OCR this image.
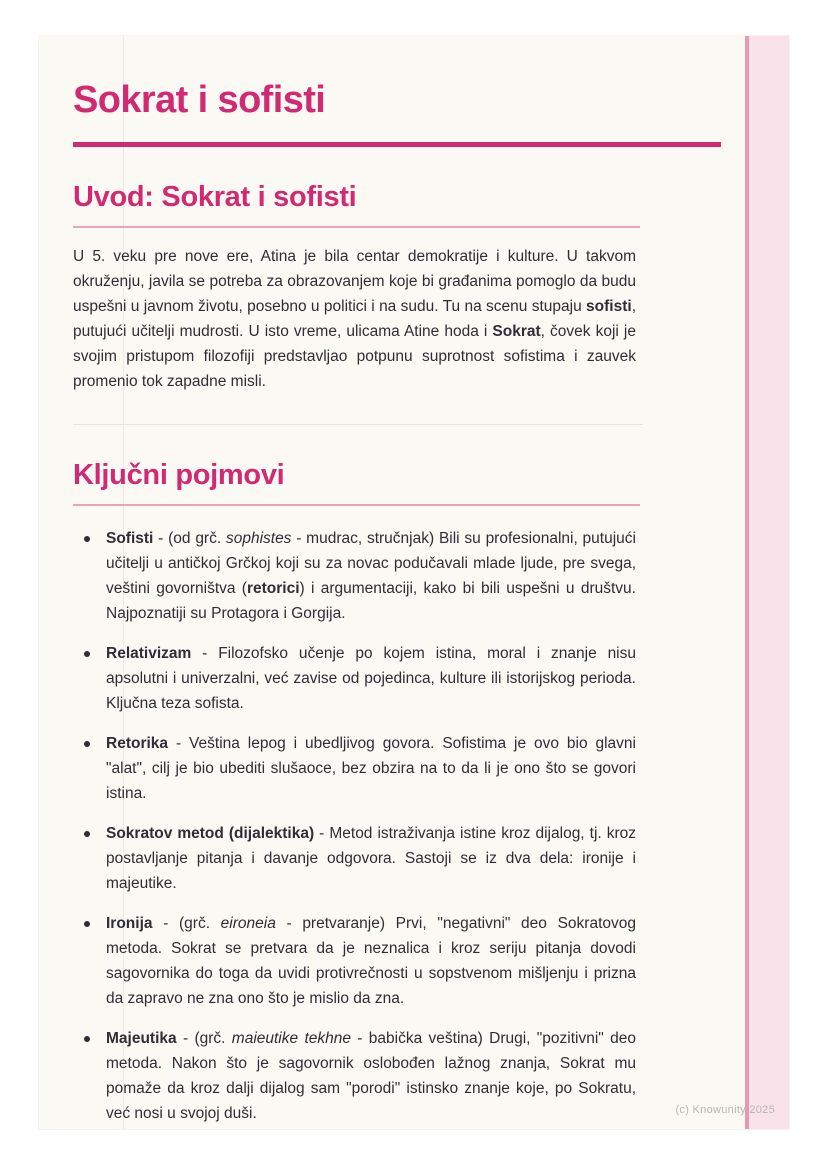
Sokrat i sofisti
Uvod: Sokrat i sofisti

U 5. veku pre nove ere, Atina je bila centar demokratije i kulture. U takvom okruženju, javila se potreba za obrazovanjem koje bi građanima pomoglo da budu uspešni u javnom životu, posebno u politici i na sudu. Tu na scenu stupaju sofisti, putujući učitelji mudrosti. U isto vreme, ulicama Atine hoda i Sokrat, čovek koji je svojim pristupom filozofiji predstavljao potpunu suprotnost sofistima i zauvek promenio tok zapadne misli.

Ključni pojmovi
Sofisti - (od grč. sophistes - mudrac, stručnjak) Bili su profesionalni, putujući učitelji u antičkoj Grčkoj koji su za novac podučavali mlade ljude, pre svega, veštini govorništva (retorici) i argumentaciji, kako bi bili uspešni u društvu. Najpoznatiji su Protagora i Gorgija.
Relativizam - Filozofsko učenje po kojem istina, moral i znanje nisu apsolutni i univerzalni, već zavise od pojedinca, kulture ili istorijskog perioda. Ključna teza sofista.
Retorika - Veština lepog i ubedljivog govora. Sofistima je ovo bio glavni "alat", cilj je bio ubediti slušaoce, bez obzira na to da li je ono što se govori istina.
Sokratov metod (dijalektika) - Metod istraživanja istine kroz dijalog, tj. kroz postavljanje pitanja i davanje odgovora. Sastoji se iz dva dela: ironije i majeutike.
Ironija - (grč. eironeia - pretvaranje) Prvi, "negativni" deo Sokratovog metoda. Sokrat se pretvara da je neznalica i kroz seriju pitanja dovodi sagovornika do toga da uvidi protivrečnosti u sopstvenom mišljenju i prizna da zapravo ne zna ono što je mislio da zna.
Majeutika - (grč. maieutike tekhne - babička veština) Drugi, "pozitivni" deo metoda. Nakon što je sagovornik oslobođen lažnog znanja, Sokrat mu pomaže da kroz dalji dijalog sam "porodi" istinsko znanje koje, po Sokratu, već nosi u svojoj duši.	(c) Knowunity 2025
